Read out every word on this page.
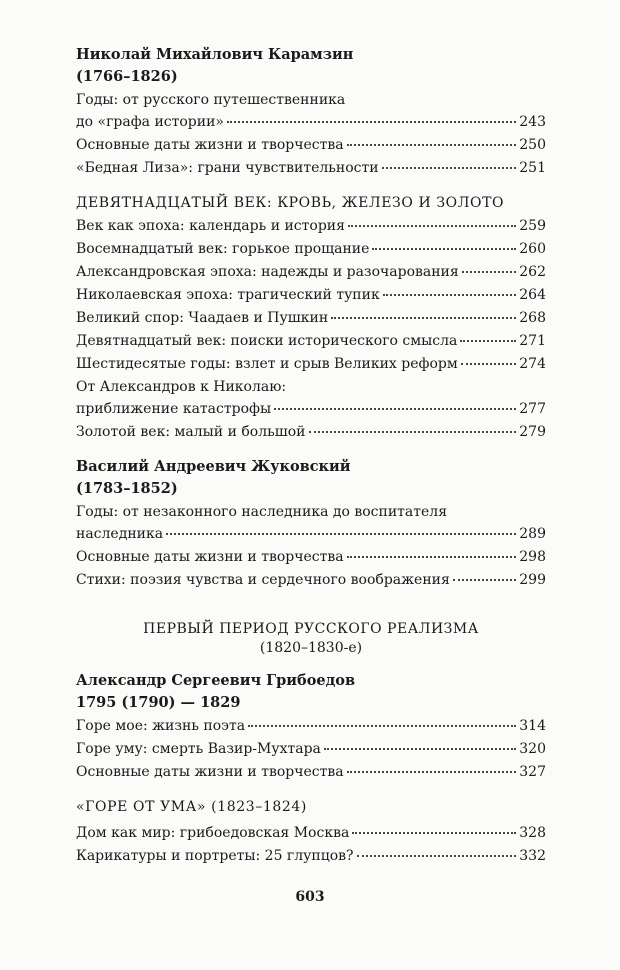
Николай Михайлович Карамзин
(1766–1826)
Годы: от русского путешественника
до «графа истории»	243
Основные даты жизни и творчества	250
«Бедная Лиза»: грани чувствительности	251
ДЕВЯТНАДЦАТЫЙ ВЕК: КРОВЬ, ЖЕЛЕЗО И ЗОЛОТО
Век как эпоха: календарь и история	259
Восемнадцатый век: горькое прощание	260
Александровская эпоха: надежды и разочарования	262
Николаевская эпоха: трагический тупик	264
Великий спор: Чаадаев и Пушкин	268
Девятнадцатый век: поиски исторического смысла	271
Шестидесятые годы: взлет и срыв Великих реформ	274
От Александров к Николаю:
приближение катастрофы	277
Золотой век: малый и большой	279
Василий Андреевич Жуковский
(1783–1852)
Годы: от незаконного наследника до воспитателя
наследника	289
Основные даты жизни и творчества	298
Стихи: поэзия чувства и сердечного воображения	299
ПЕРВЫЙ ПЕРИОД РУССКОГО РЕАЛИЗМА
(1820–1830-е)
Александр Сергеевич Грибоедов
1795 (1790) — 1829
Горе мое: жизнь поэта	314
Горе уму: смерть Вазир-Мухтара	320
Основные даты жизни и творчества	327
«ГОРЕ ОТ УМА» (1823–1824)
Дом как мир: грибоедовская Москва	328
Карикатуры и портреты: 25 глупцов?	332
603
